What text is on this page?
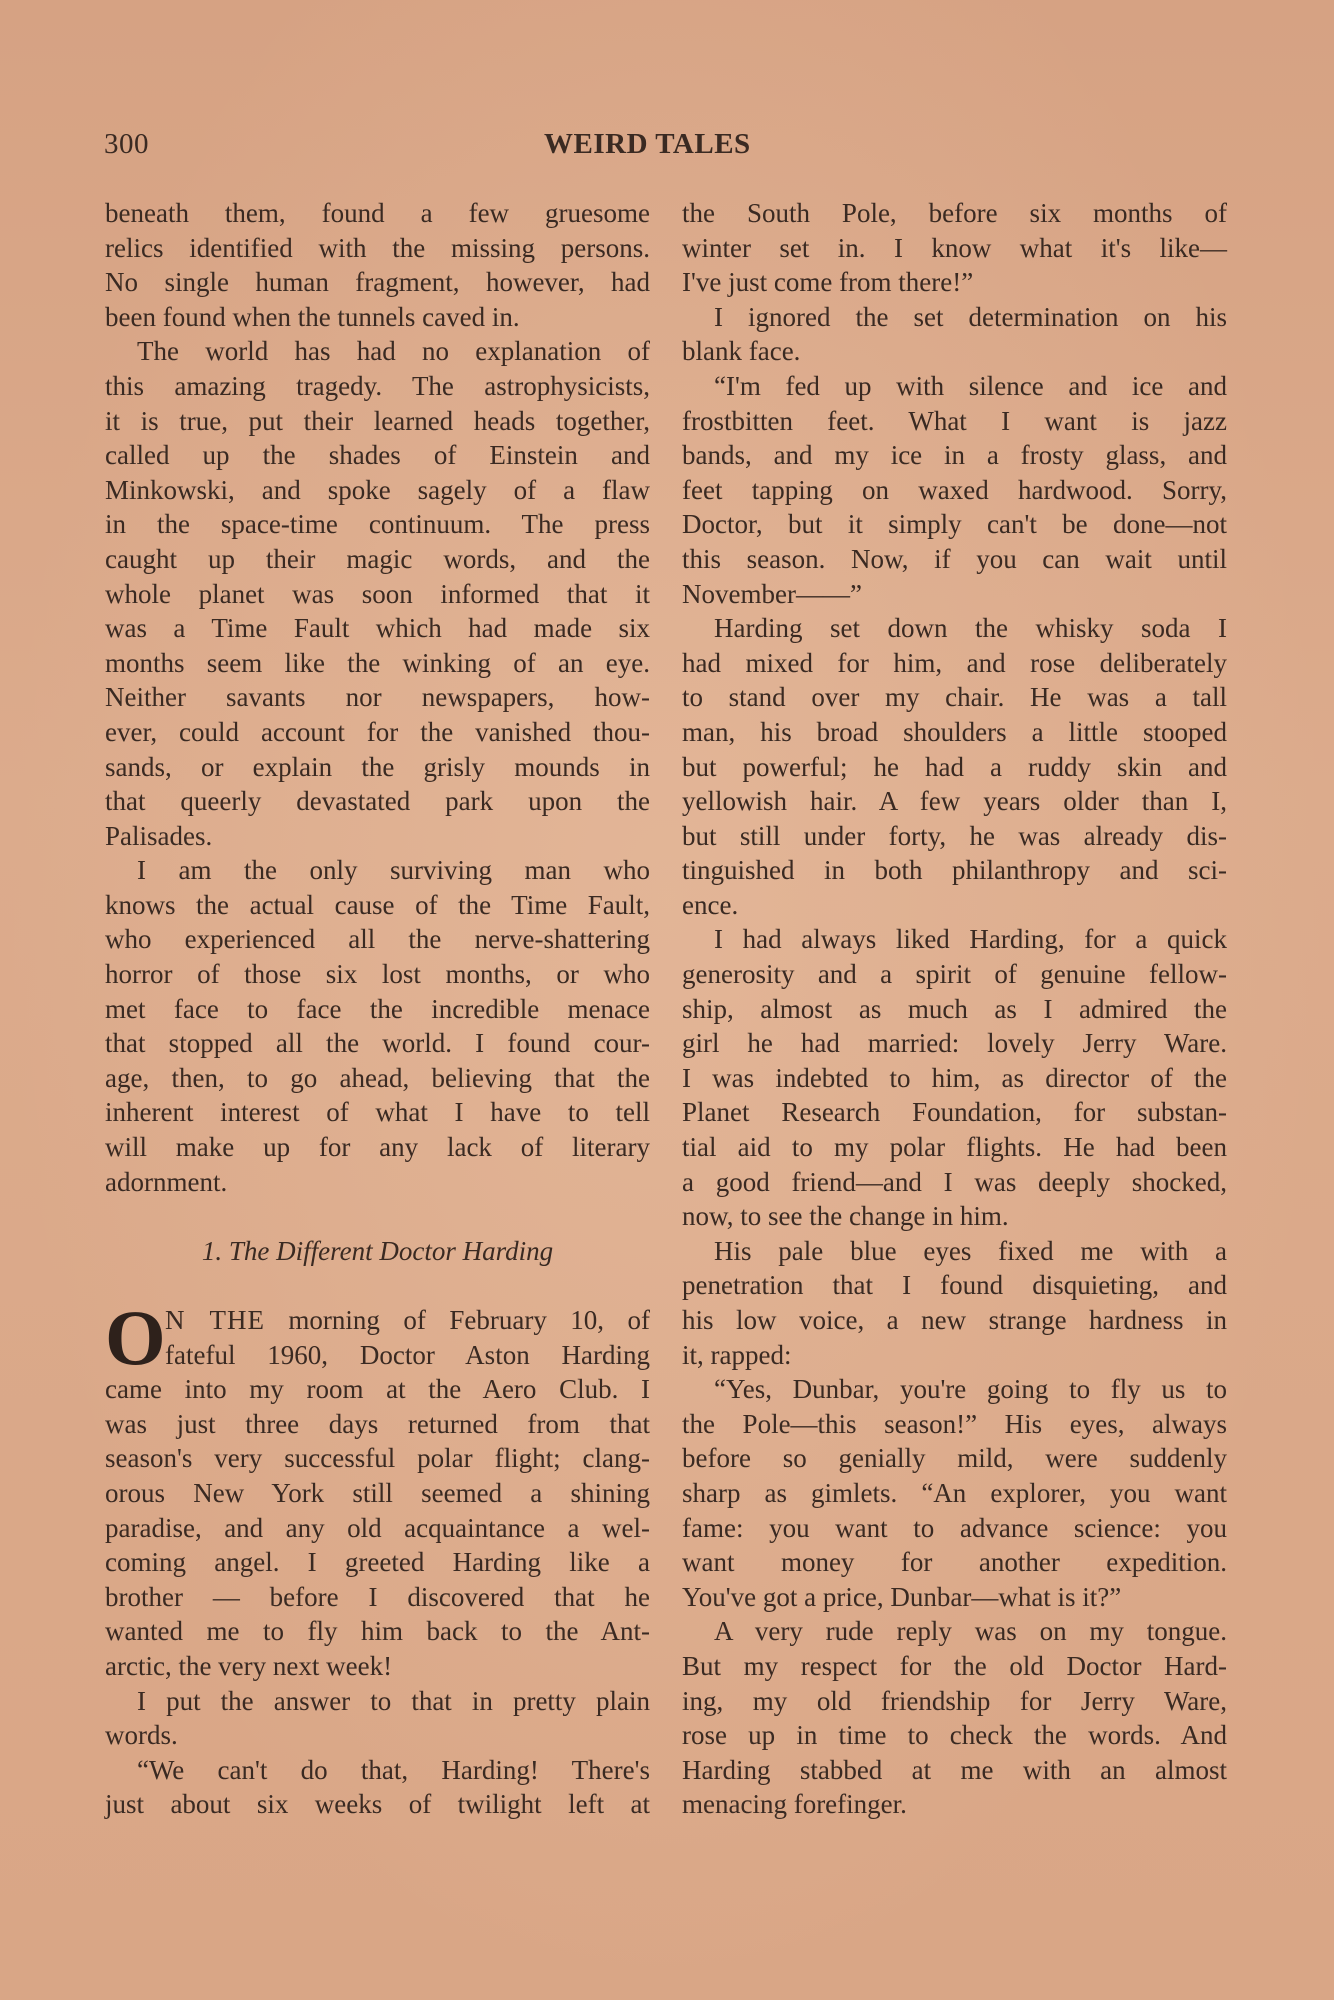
300	WEIRD TALES
beneath them, found a few gruesome
relics identified with the missing persons.
No single human fragment, however, had
been found when the tunnels caved in.
The world has had no explanation of
this amazing tragedy. The astrophysicists,
it is true, put their learned heads together,
called up the shades of Einstein and
Minkowski, and spoke sagely of a flaw
in the space-time continuum. The press
caught up their magic words, and the
whole planet was soon informed that it
was a Time Fault which had made six
months seem like the winking of an eye.
Neither savants nor newspapers, how-
ever, could account for the vanished thou-
sands, or explain the grisly mounds in
that queerly devastated park upon the
Palisades.
I am the only surviving man who
knows the actual cause of the Time Fault,
who experienced all the nerve-shattering
horror of those six lost months, or who
met face to face the incredible menace
that stopped all the world. I found cour-
age, then, to go ahead, believing that the
inherent interest of what I have to tell
will make up for any lack of literary
adornment.
1. The Different Doctor Harding
O N THE morning of February 10, of
fateful 1960, Doctor Aston Harding
came into my room at the Aero Club. I
was just three days returned from that
season's very successful polar flight; clang-
orous New York still seemed a shining
paradise, and any old acquaintance a wel-
coming angel. I greeted Harding like a
brother — before I discovered that he
wanted me to fly him back to the Ant-
arctic, the very next week!
I put the answer to that in pretty plain
words.
“We can't do that, Harding! There's
just about six weeks of twilight left at
the South Pole, before six months of
winter set in. I know what it's like—
I've just come from there!”
I ignored the set determination on his
blank face.
“I'm fed up with silence and ice and
frostbitten feet. What I want is jazz
bands, and my ice in a frosty glass, and
feet tapping on waxed hardwood. Sorry,
Doctor, but it simply can't be done—not
this season. Now, if you can wait until
November——”
Harding set down the whisky soda I
had mixed for him, and rose deliberately
to stand over my chair. He was a tall
man, his broad shoulders a little stooped
but powerful; he had a ruddy skin and
yellowish hair. A few years older than I,
but still under forty, he was already dis-
tinguished in both philanthropy and sci-
ence.
I had always liked Harding, for a quick
generosity and a spirit of genuine fellow-
ship, almost as much as I admired the
girl he had married: lovely Jerry Ware.
I was indebted to him, as director of the
Planet Research Foundation, for substan-
tial aid to my polar flights. He had been
a good friend—and I was deeply shocked,
now, to see the change in him.
His pale blue eyes fixed me with a
penetration that I found disquieting, and
his low voice, a new strange hardness in
it, rapped:
“Yes, Dunbar, you're going to fly us to
the Pole—this season!” His eyes, always
before so genially mild, were suddenly
sharp as gimlets. “An explorer, you want
fame: you want to advance science: you
want money for another expedition.
You've got a price, Dunbar—what is it?”
A very rude reply was on my tongue.
But my respect for the old Doctor Hard-
ing, my old friendship for Jerry Ware,
rose up in time to check the words. And
Harding stabbed at me with an almost
menacing forefinger.
